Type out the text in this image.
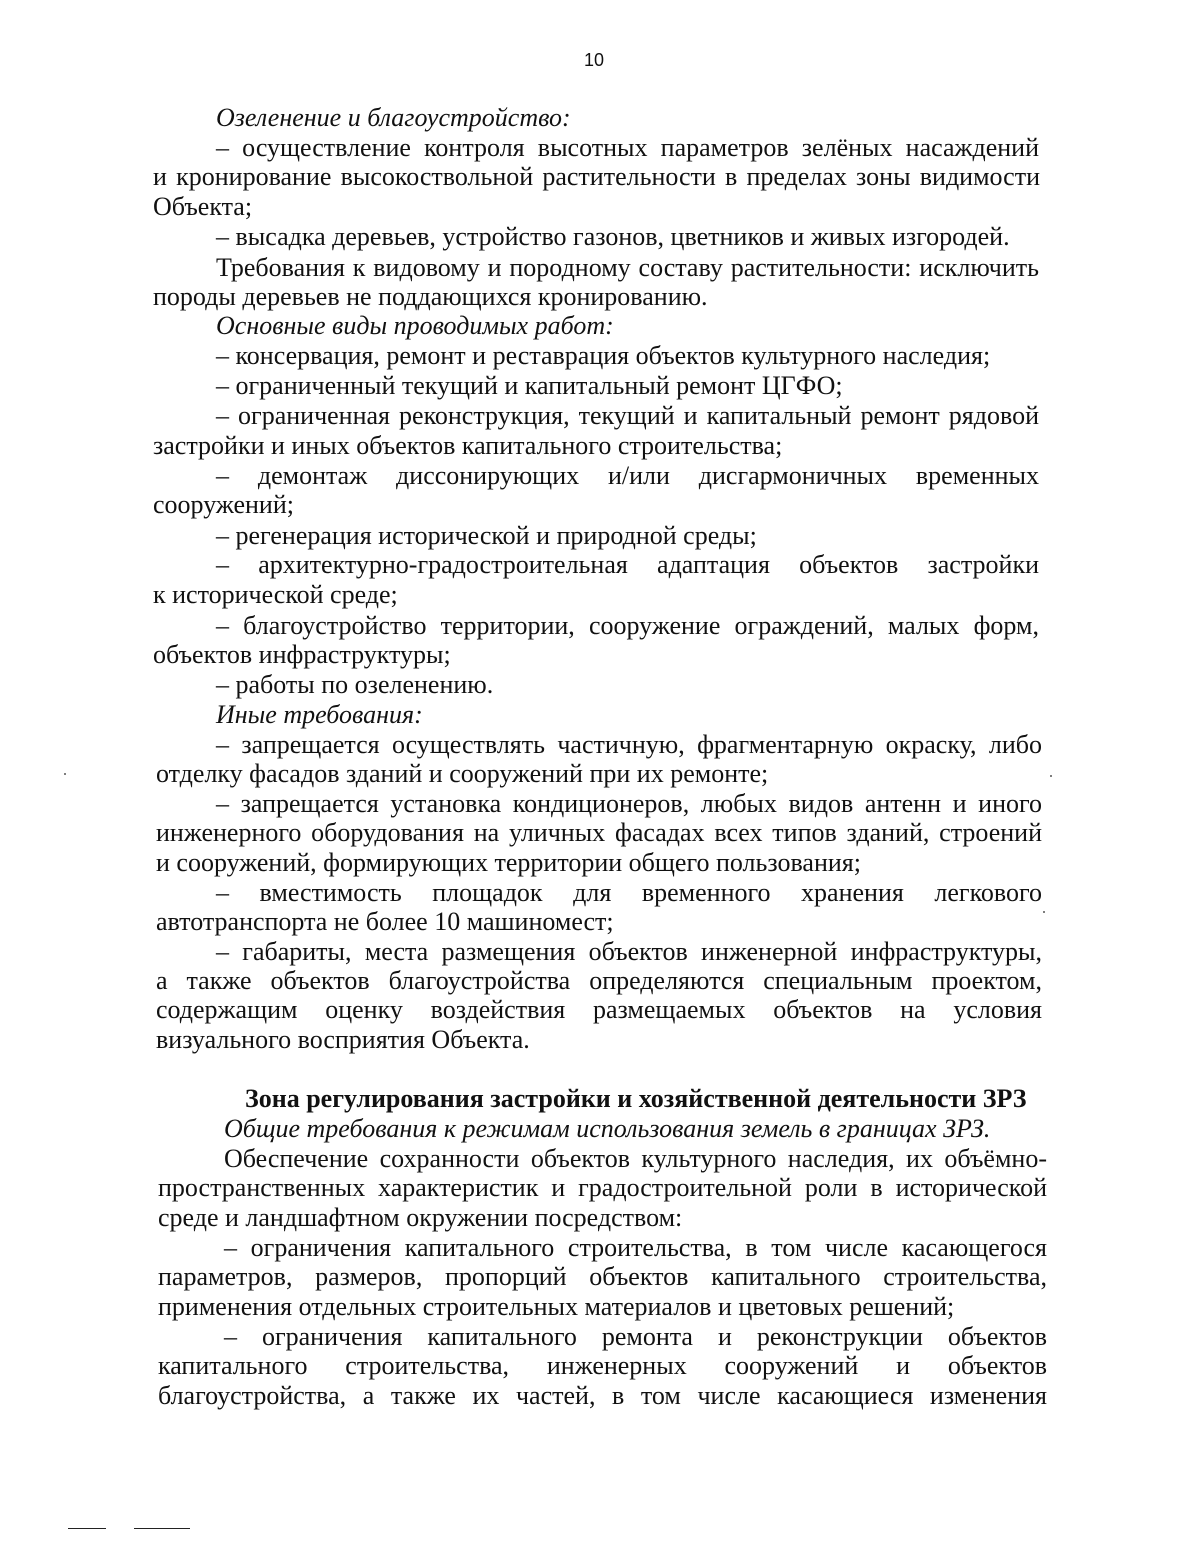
10
Озеленение и благоустройство:
– осуществление контроля высотных параметров зелёных насаждений
и кронирование высокоствольной растительности в пределах зоны видимости
Объекта;
– высадка деревьев, устройство газонов, цветников и живых изгородей.
Требования к видовому и породному составу растительности: исключить
породы деревьев не поддающихся кронированию.
Основные виды проводимых работ:
– консервация, ремонт и реставрация объектов культурного наследия;
– ограниченный текущий и капитальный ремонт ЦГФО;
– ограниченная реконструкция, текущий и капитальный ремонт рядовой
застройки и иных объектов капитального строительства;
– демонтаж диссонирующих и/или дисгармоничных временных
сооружений;
– регенерация исторической и природной среды;
– архитектурно-градостроительная адаптация объектов застройки
к исторической среде;
– благоустройство территории, сооружение ограждений, малых форм,
объектов инфраструктуры;
– работы по озеленению.
Иные требования:
– запрещается осуществлять частичную, фрагментарную окраску, либо
отделку фасадов зданий и сооружений при их ремонте;
– запрещается установка кондиционеров, любых видов антенн и иного
инженерного оборудования на уличных фасадах всех типов зданий, строений
и сооружений, формирующих территории общего пользования;
– вместимость площадок для временного хранения легкового
автотранспорта не более 10 машиномест;
– габариты, места размещения объектов инженерной инфраструктуры,
а также объектов благоустройства определяются специальным проектом,
содержащим оценку воздействия размещаемых объектов на условия
визуального восприятия Объекта.
Зона регулирования застройки и хозяйственной деятельности ЗРЗ
Общие требования к режимам использования земель в границах ЗРЗ.
Обеспечение сохранности объектов культурного наследия, их объёмно-
пространственных характеристик и градостроительной роли в исторической
среде и ландшафтном окружении посредством:
– ограничения капитального строительства, в том числе касающегося
параметров, размеров, пропорций объектов капитального строительства,
применения отдельных строительных материалов и цветовых решений;
– ограничения капитального ремонта и реконструкции объектов
капитального строительства, инженерных сооружений и объектов
благоустройства, а также их частей, в том числе касающиеся изменения
